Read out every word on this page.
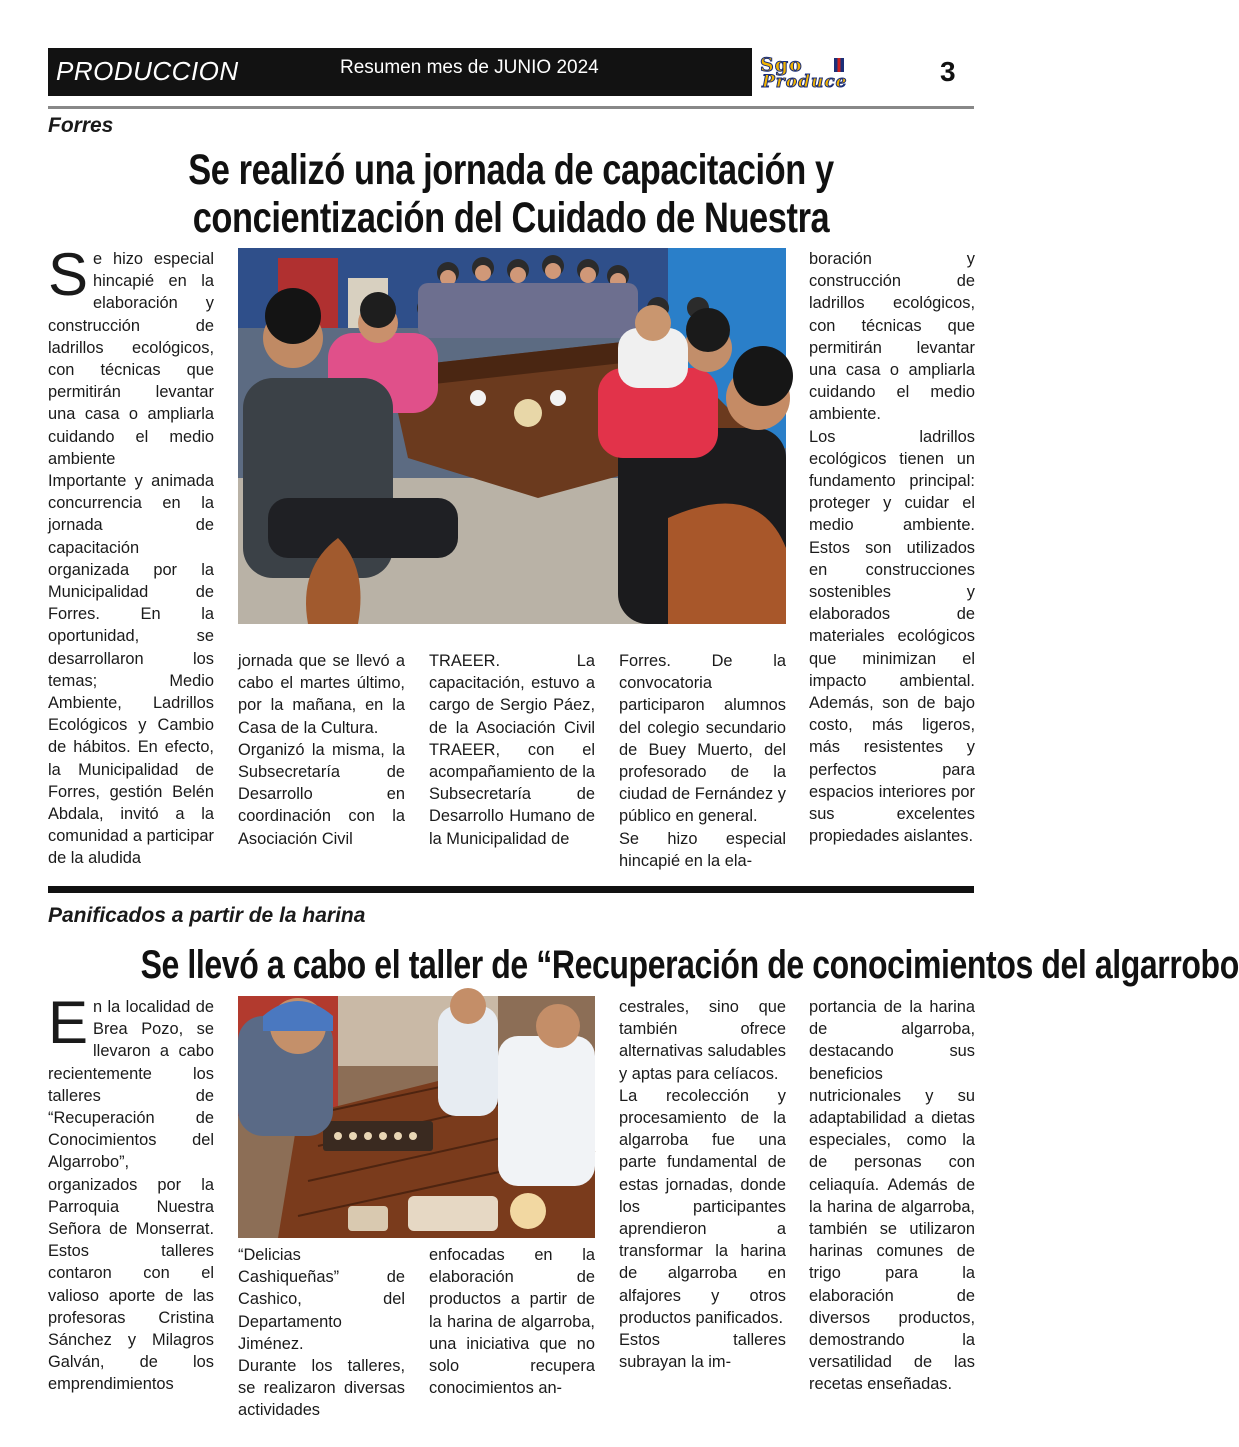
PRODUCCION	Resumen mes de JUNIO 2024	Sgo
Produce	3
Forres
Se realizó una jornada de capacitación y
concientización del Cuidado de Nuestra
S e hizo especial hincapié en la elaboración y construcción de ladrillos ecológicos, con técnicas que permitirán levantar una casa o ampliarla cuidando el medio ambiente

Importante y animada concurrencia en la jornada de capacitación organizada por la Municipalidad de Forres. En la oportunidad, se desarrollaron los temas; Medio Ambiente, Ladrillos Ecológicos y Cambio de hábitos. En efecto, la Municipalidad de Forres, gestión Belén Abdala, invitó a la comunidad a participar de la aludida

jornada que se llevó a cabo el martes último, por la mañana, en la Casa de la Cultura.

Organizó la misma, la Subsecretaría de Desarrollo en coordinación con la Asociación Civil

TRAEER. La capacitación, estuvo a cargo de Sergio Páez, de la Asociación Civil TRAEER, con el acompañamiento de la Subsecretaría de Desarrollo Humano de la Municipalidad de

Forres. De la convocatoria participaron alumnos del colegio secundario de Buey Muerto, del profesorado de la ciudad de Fernández y público en general.

Se hizo especial hincapié en la ela-

boración y construcción de ladrillos ecológicos, con técnicas que permitirán levantar una casa o ampliarla cuidando el medio ambiente.

Los ladrillos ecológicos tienen un fundamento principal: proteger y cuidar el medio ambiente. Estos son utilizados en construcciones sostenibles y elaborados de materiales ecológicos que minimizan el impacto ambiental. Además, son de bajo costo, más ligeros, más resistentes y perfectos para espacios interiores por sus excelentes propiedades aislantes.

Panificados a partir de la harina
Se llevó a cabo el taller de “Recuperación de conocimientos del algarrobo
E n la localidad de Brea Pozo, se llevaron a cabo recientemente los talleres de “Recuperación de Conocimientos del Algarrobo”, organizados por la Parroquia Nuestra Señora de Monserrat. Estos talleres contaron con el valioso aporte de las profesoras Cristina Sánchez y Milagros Galván, de los emprendimientos

“Delicias Cashiqueñas” de Cashico, del Departamento Jiménez.

Durante los talleres, se realizaron diversas actividades

enfocadas en la elaboración de productos a partir de la harina de algarroba, una iniciativa que no solo recupera conocimientos an-

cestrales, sino que también ofrece alternativas saludables y aptas para celíacos.

La recolección y procesamiento de la algarroba fue una parte fundamental de estas jornadas, donde los participantes aprendieron a transformar la harina de algarroba en alfajores y otros productos panificados.

Estos talleres subrayan la im-

portancia de la harina de algarroba, destacando sus beneficios nutricionales y su adaptabilidad a dietas especiales, como la de personas con celiaquía. Además de la harina de algarroba, también se utilizaron harinas comunes de trigo para la elaboración de diversos productos, demostrando la versatilidad de las recetas enseñadas.
